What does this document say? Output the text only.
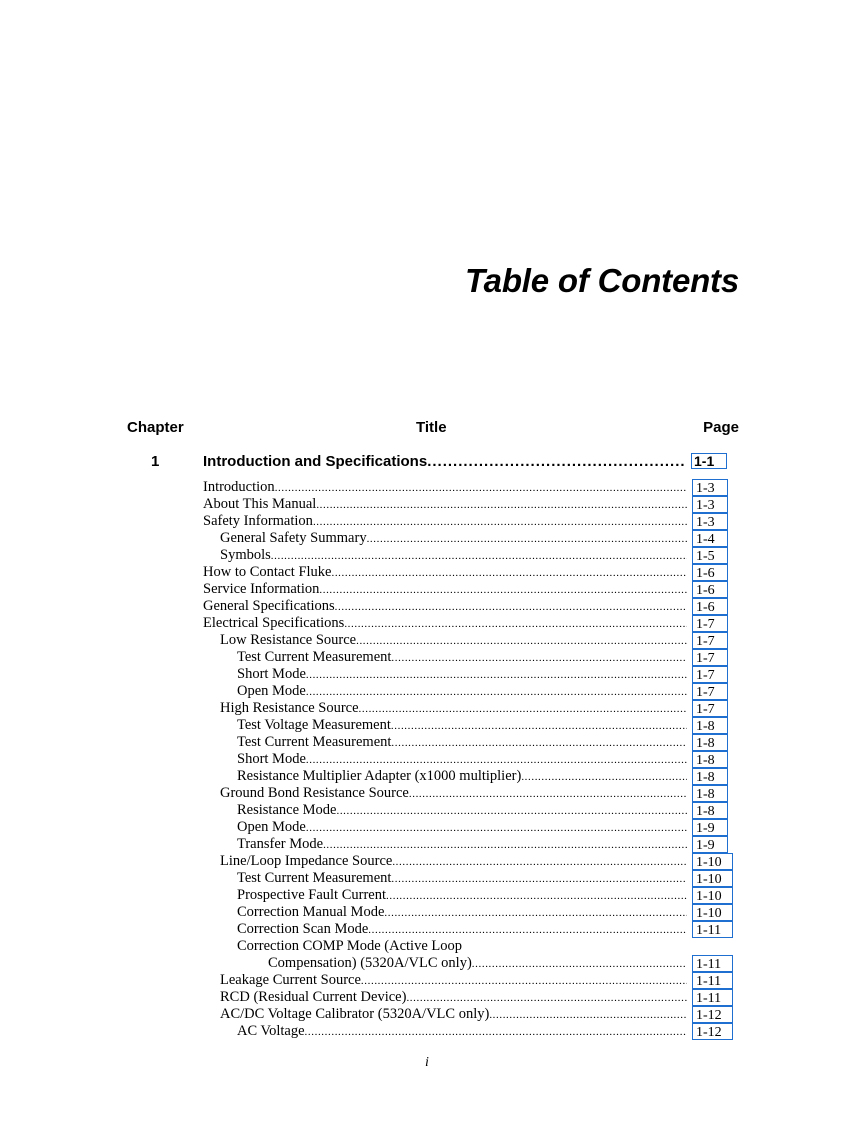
Table of Contents
Chapter	Title	Page
1	Introduction and Specifications .....	1-1
Introduction .....	1-3
About This Manual .....	1-3
Safety Information .....	1-3
General Safety Summary .....	1-4
Symbols .....	1-5
How to Contact Fluke .....	1-6
Service Information .....	1-6
General Specifications .....	1-6
Electrical Specifications .....	1-7
Low Resistance Source .....	1-7
Test Current Measurement .....	1-7
Short Mode .....	1-7
Open Mode .....	1-7
High Resistance Source .....	1-7
Test Voltage Measurement .....	1-8
Test Current Measurement .....	1-8
Short Mode .....	1-8
Resistance Multiplier Adapter (x1000 multiplier) .....	1-8
Ground Bond Resistance Source .....	1-8
Resistance Mode .....	1-8
Open Mode .....	1-9
Transfer Mode .....	1-9
Line/Loop Impedance Source .....	1-10
Test Current Measurement .....	1-10
Prospective Fault Current .....	1-10
Correction Manual Mode .....	1-10
Correction Scan Mode .....	1-11
Correction COMP Mode (Active Loop
Compensation) (5320A/VLC only) .....	1-11
Leakage Current Source .....	1-11
RCD (Residual Current Device) .....	1-11
AC/DC Voltage Calibrator (5320A/VLC only) .....	1-12
AC Voltage .....	1-12
i
